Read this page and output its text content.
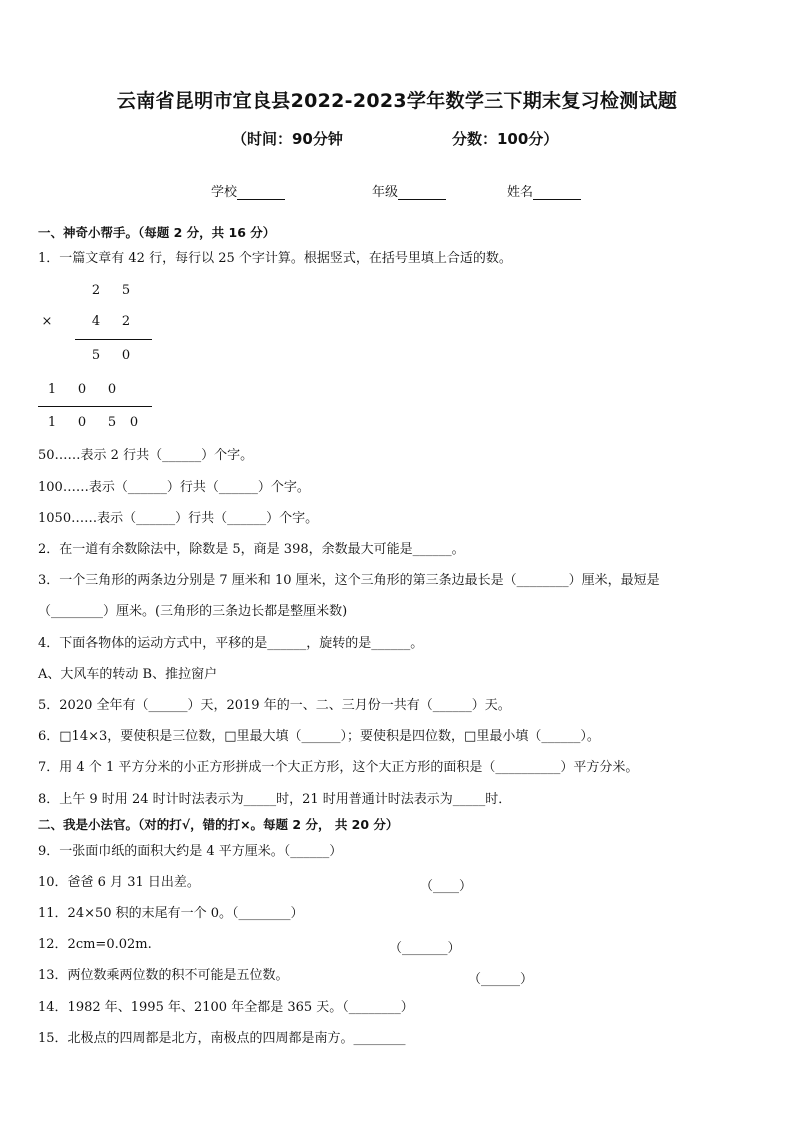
云南省昆明市宜良县2022-2023学年数学三下期末复习检测试题
（时间：90分钟	分数：100分）
学校	年级	姓名
一、神奇小帮手。（每题 2 分，共 16 分）
1．一篇文章有 42 行，每行以 25 个字计算。根据竖式，在括号里填上合适的数。
2 5
×	4 2
5 0
1 0 0
1 0 5 0
50……表示 2 行共（______）个字。
100……表示（______）行共（______）个字。
1050……表示（______）行共（______）个字。
2．在一道有余数除法中，除数是 5，商是 398，余数最大可能是______。
3．一个三角形的两条边分别是 7 厘米和 10 厘米，这个三角形的第三条边最长是（________）厘米，最短是
（________）厘米。(三角形的三条边长都是整厘米数)
4．下面各物体的运动方式中，平移的是______，旋转的是______。
A、大风车的转动 B、推拉窗户
5．2020 全年有（______）天，2019 年的一、二、三月份一共有（______）天。
6．□14×3，要使积是三位数，□里最大填（______）；要使积是四位数，□里最小填（______）。
7．用 4 个 1 平方分米的小正方形拼成一个大正方形，这个大正方形的面积是（__________）平方分米。
8．上午 9 时用 24 时计时法表示为_____时，21 时用普通计时法表示为_____时．
二、我是小法官。（对的打√，错的打×。每题 2 分， 共 20 分）
9．一张面巾纸的面积大约是 4 平方厘米。（______）
10．爸爸 6 月 31 日出差。	（____）
11．24×50 积的末尾有一个 0。（________）
12．2cm=0.02m.	（_______）
13．两位数乘两位数的积不可能是五位数。	（______）
14．1982 年、1995 年、2100 年全都是 365 天。（________）
15．北极点的四周都是北方，南极点的四周都是南方。________
